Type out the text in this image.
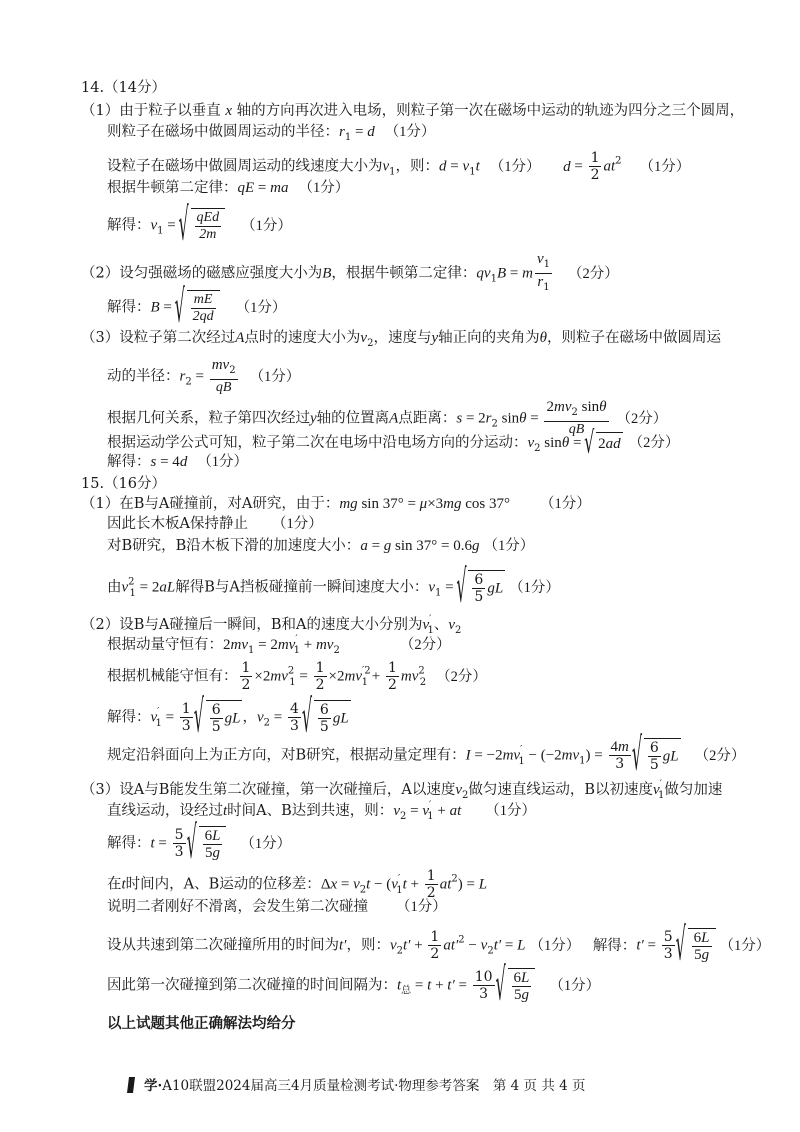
14.（14分）
（1）由于粒子以垂直 x 轴的方向再次进入电场，则粒子第一次在磁场中运动的轨迹为四分之三个圆周，
则粒子在磁场中做圆周运动的半径：$r_1 = d$ （1分）
设粒子在磁场中做圆周运动的线速度大小为$v_1$，则：$d = v_1t$ （1分） $d = \frac{1}{2} at^2$ （1分）
根据牛顿第二定律：qE = ma （1分）
解得：$v_1$ = √ $\frac{\text{qEd}}{2m} (1$分）
（2）设匀强磁场的磁感应强度大小为B，根据牛顿第二定律：$qv_1B = m \frac{v_1}{r_1} (2$分）
解得：B = √ $\frac{mE}{2qd} (1$分）
（3）设粒子第二次经过A点时的速度大小为$v_2$，速度与y轴正向的夹角为θ，则粒子在磁场中做圆周运
动的半径：$r_2 = \frac{mv_2}{qB} (1$分）
根据几何关系，粒子第四次经过y轴的位置离A点距离：$s = 2r_2$ $\sin\theta = \frac{2mv_2 \sin\theta}{qB} (2$分）
根据运动学公式可知，粒子第二次在电场中沿电场方向的分运动：$v_2$ sinθ = √ 2ad （2分）
解得：s = 4d （1分）
15.（16分）
（1）在B与A碰撞前，对A研究，由于：mg sin 37° = μ×3mg cos 37° （1分）
因此长木板A保持静止 （1分）
对B研究，B沿木板下滑的加速度大小：a = g sin 37° = 0.6g （1分）
由$v^2_1 = 2aL$解得B与A挡板碰撞前一瞬间速度大小：$v_1$ = √ $\frac{6}{5}$ gL （1分）
（2）设B与A碰撞后一瞬间，B和A的速度大小分别为$v'_1$、$v_2$
根据动量守恒有：$2mv_1 = 2mv'_1 + mv_2$	（2分）
根据机械能守恒有： $\frac{1}{2} \times 2mv^2_1 = \frac{1}{2} \times 2mv^{'2}_1 + \frac{1}{2} mv^2_2$ （2分）
解得：$v'_1 = \frac{1}{3}$ √ $\frac{6}{5}$ gL ，$v_2 = \frac{4}{3}$ √ $\frac{6}{5}$ gL
规定沿斜面向上为正方向，对B研究，根据动量定理有：$I = -2mv'_1 - (-2mv_1) = \frac{4m}{3}$ √ $\frac{6}{5}$ gL （2分）
（3）设A与B能发生第二次碰撞，第一次碰撞后，A以速度$v_2$做匀速直线运动，B以初速度$v'_1$做匀加速
直线运动，设经过t时间A、B达到共速，则：$v_2 = v'_1$ + at （1分）
解得：$t = \frac{5}{3}$ √ $\frac{6L}{5g} (1$分）
在t时间内，A、B运动的位移差：$\Delta x = v_2t - (v'_1t + \frac{1}{2} at^2) = L$
说明二者刚好不滑离，会发生第二次碰撞 （1分）
设从共速到第二次碰撞所用的时间为t′，则：$v_2t' + \frac{1}{2} at'^2 - v_2t' = L$ （1分） 解得：$t' = \frac{5}{3}$ √ $\frac{6L}{5g} (1$分）
因此第一次碰撞到第二次碰撞的时间间隔为：$t_总 = t + t' = \frac{10}{3}$ √ $\frac{6L}{5g} (1$分）
以上试题其他正确解法均给分
学·A10联盟2024届高三4月质量检测考试·物理参考答案　第 4 页 共 4 页
